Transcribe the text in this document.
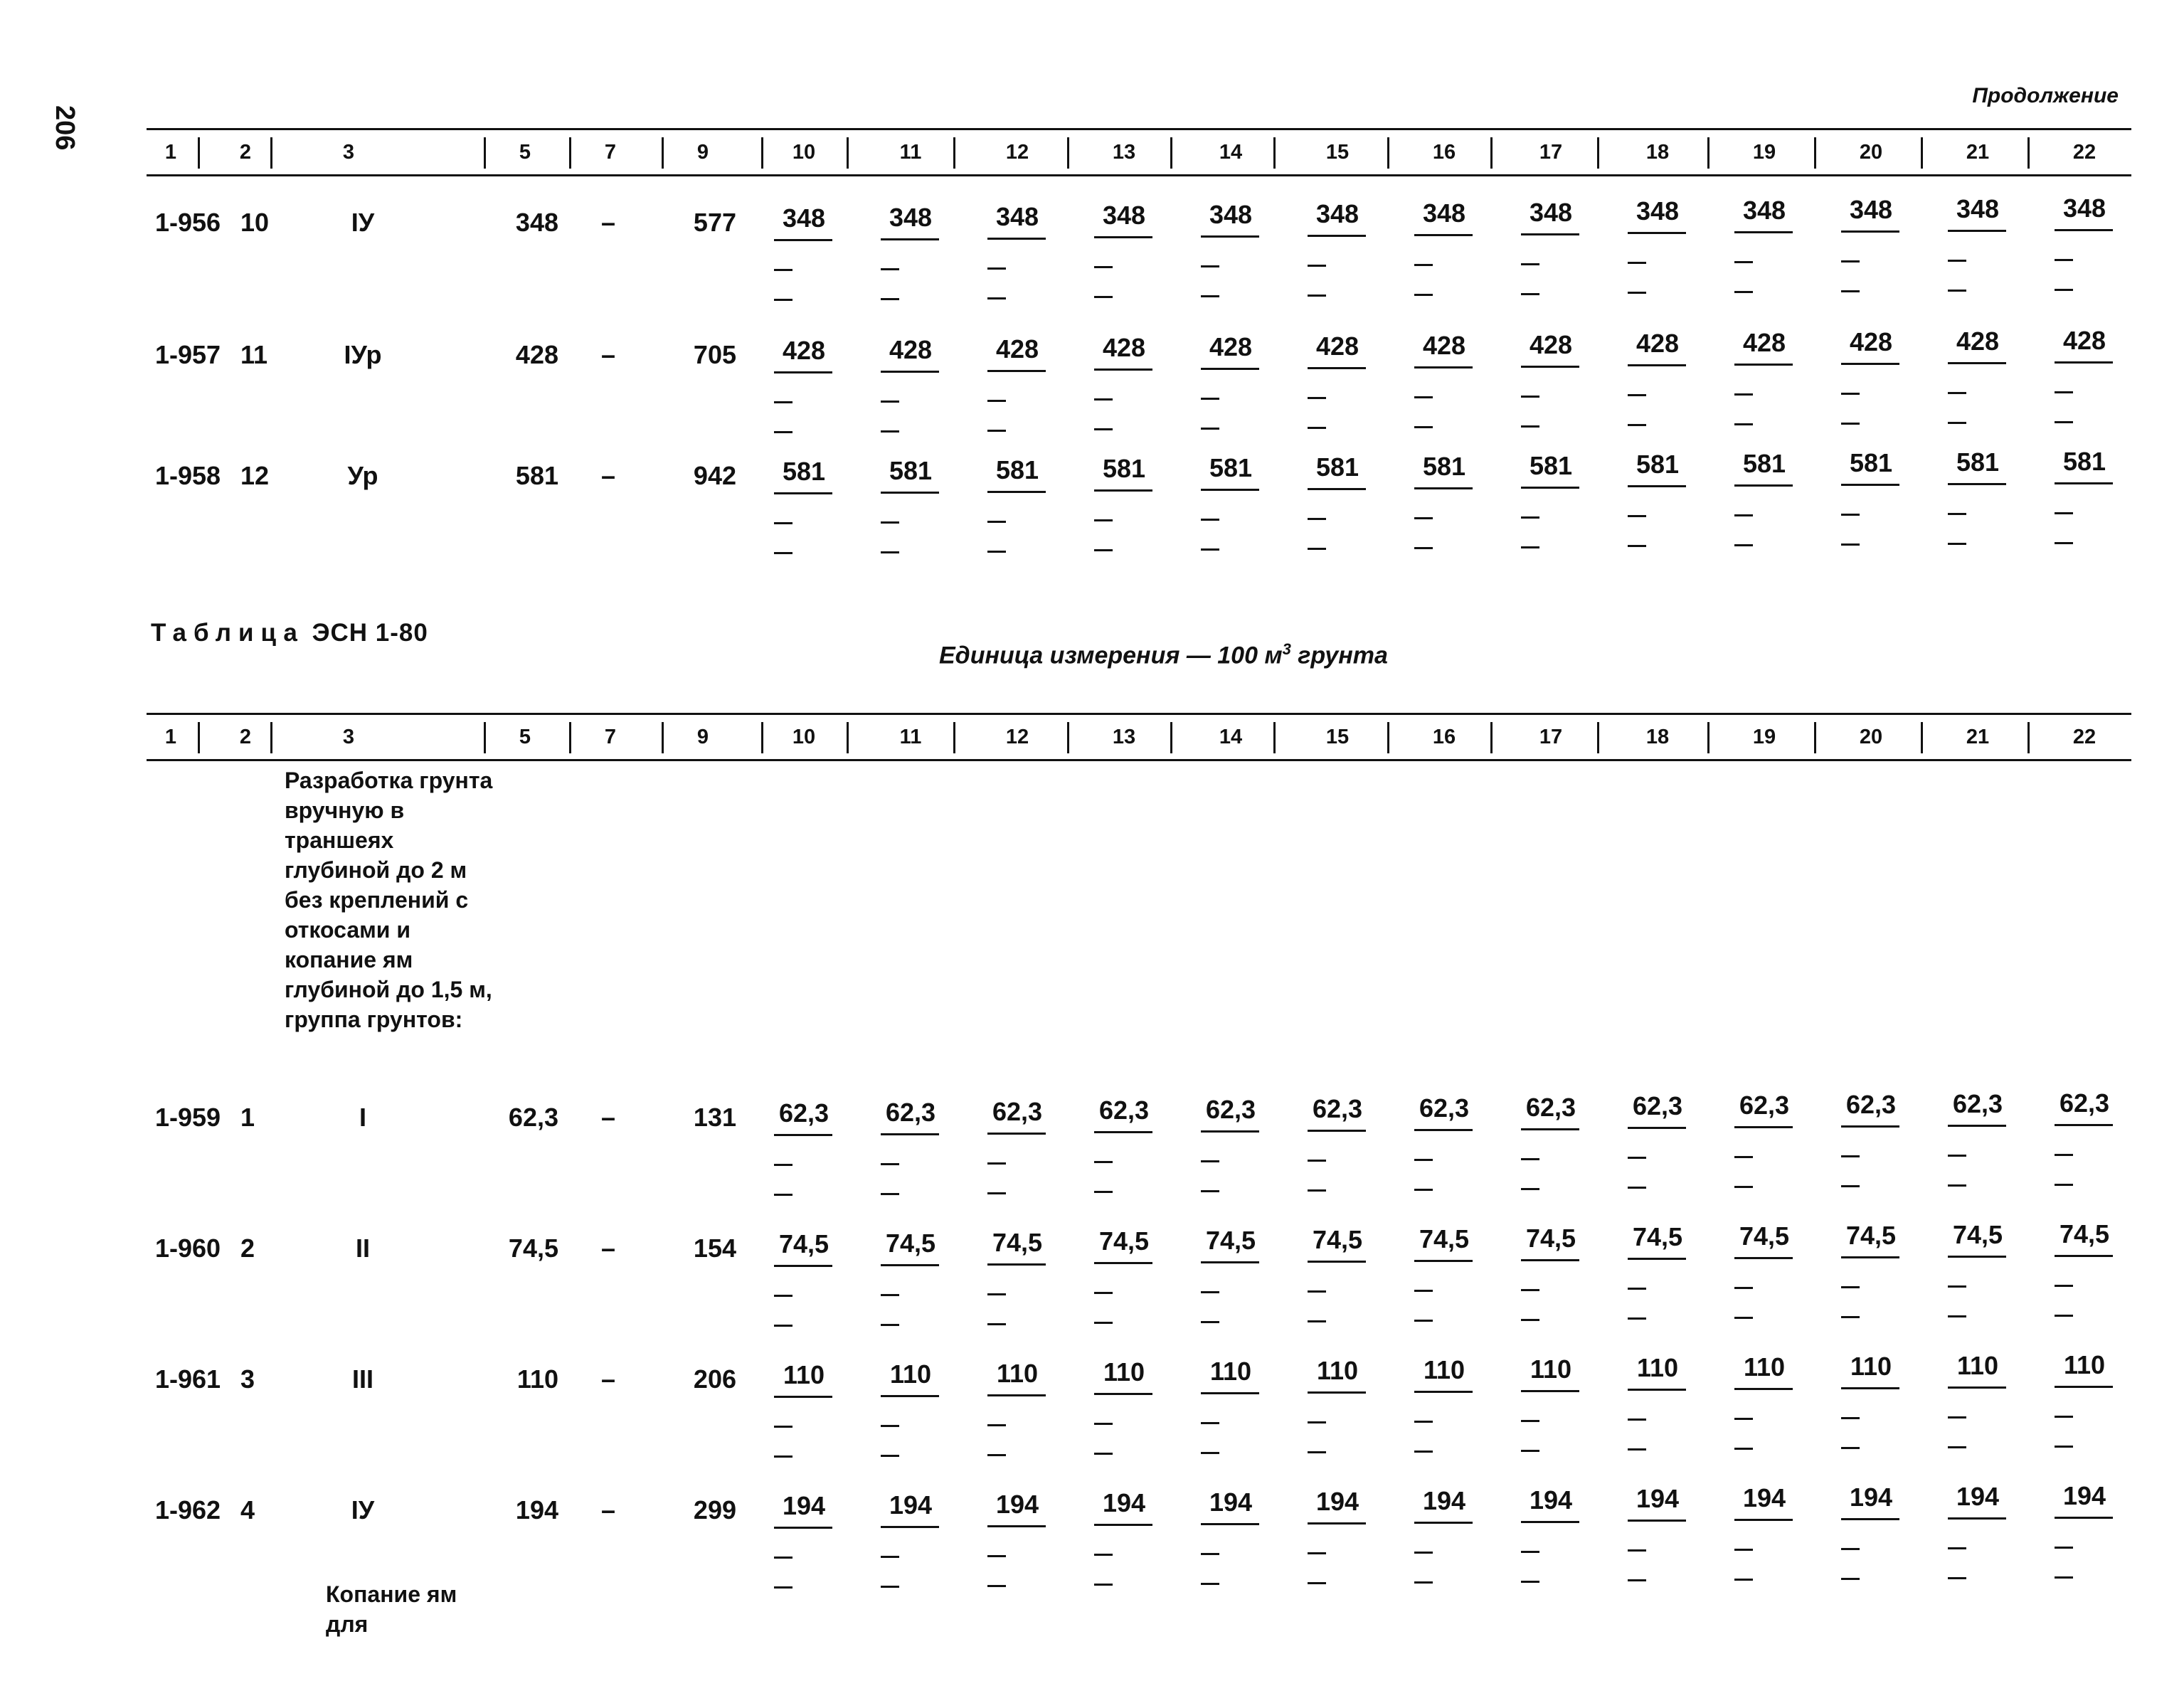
206
Продолжение
1	2	3	5	7	9	10	11	12	13	14	15	16	17	18	19	20	21	22
1-956 10	IУ	348 –	577	348	348	348	348	348	348	348	348	348	348	348	348	348
1-957 11	IУр	428 –	705	428	428	428	428	428	428	428	428	428	428	428	428	428
1-958 12	Ур	581 –	942	581	581	581	581	581	581	581	581	581	581	581	581	581
Таблица ЭСН 1-80
Единица измерения — 100 $м^3$ грунта
1	2	3	5	7	9	10	11	12	13	14	15	16	17	18	19	20	21	22
Разработка грунта вручную в траншеях глубиной до 2 м без креплений с откосами и копание ям глубиной до 1,5 м, группа грунтов:
1-959 1	I	62,3 –	131	62,3	62,3	62,3	62,3	62,3	62,3	62,3	62,3	62,3	62,3	62,3	62,3	62,3
1-960 2	II	74,5 –	154	74,5	74,5	74,5	74,5	74,5	74,5	74,5	74,5	74,5	74,5	74,5	74,5	74,5
1-961 3	III	110 –	206	110	110	110	110	110	110	110	110	110	110	110	110	110
1-962 4	IУ	194 –	299	194	194	194	194	194	194	194	194	194	194	194	194	194
Копание ям для
